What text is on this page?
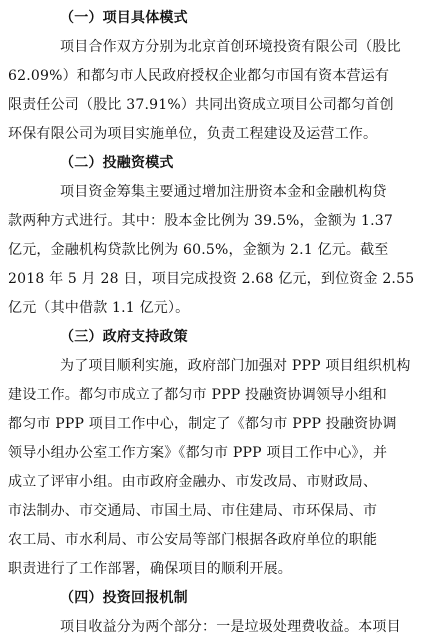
（一）项目具体模式
项目合作双方分别为北京首创环境投资有限公司（股比
62.09%）和都匀市人民政府授权企业都匀市国有资本营运有
限责任公司（股比 37.91%）共同出资成立项目公司都匀首创
环保有限公司为项目实施单位，负责工程建设及运营工作。
（二）投融资模式
项目资金筹集主要通过增加注册资本金和金融机构贷
款两种方式进行。其中：股本金比例为 39.5%，金额为 1.37
亿元，金融机构贷款比例为 60.5%，金额为 2.1 亿元。截至
2018 年 5 月 28 日，项目完成投资 2.68 亿元，到位资金 2.55
亿元（其中借款 1.1 亿元）。
（三）政府支持政策
为了项目顺利实施，政府部门加强对 PPP 项目组织机构
建设工作。都匀市成立了都匀市 PPP 投融资协调领导小组和
都匀市 PPP 项目工作中心，制定了《都匀市 PPP 投融资协调
领导小组办公室工作方案》《都匀市 PPP 项目工作中心》，并
成立了评审小组。由市政府金融办、市发改局、市财政局、
市法制办、市交通局、市国土局、市住建局、市环保局、市
农工局、市水利局、市公安局等部门根据各政府单位的职能
职责进行了工作部署，确保项目的顺利开展。
（四）投资回报机制
项目收益分为两个部分：一是垃圾处理费收益。本项目
